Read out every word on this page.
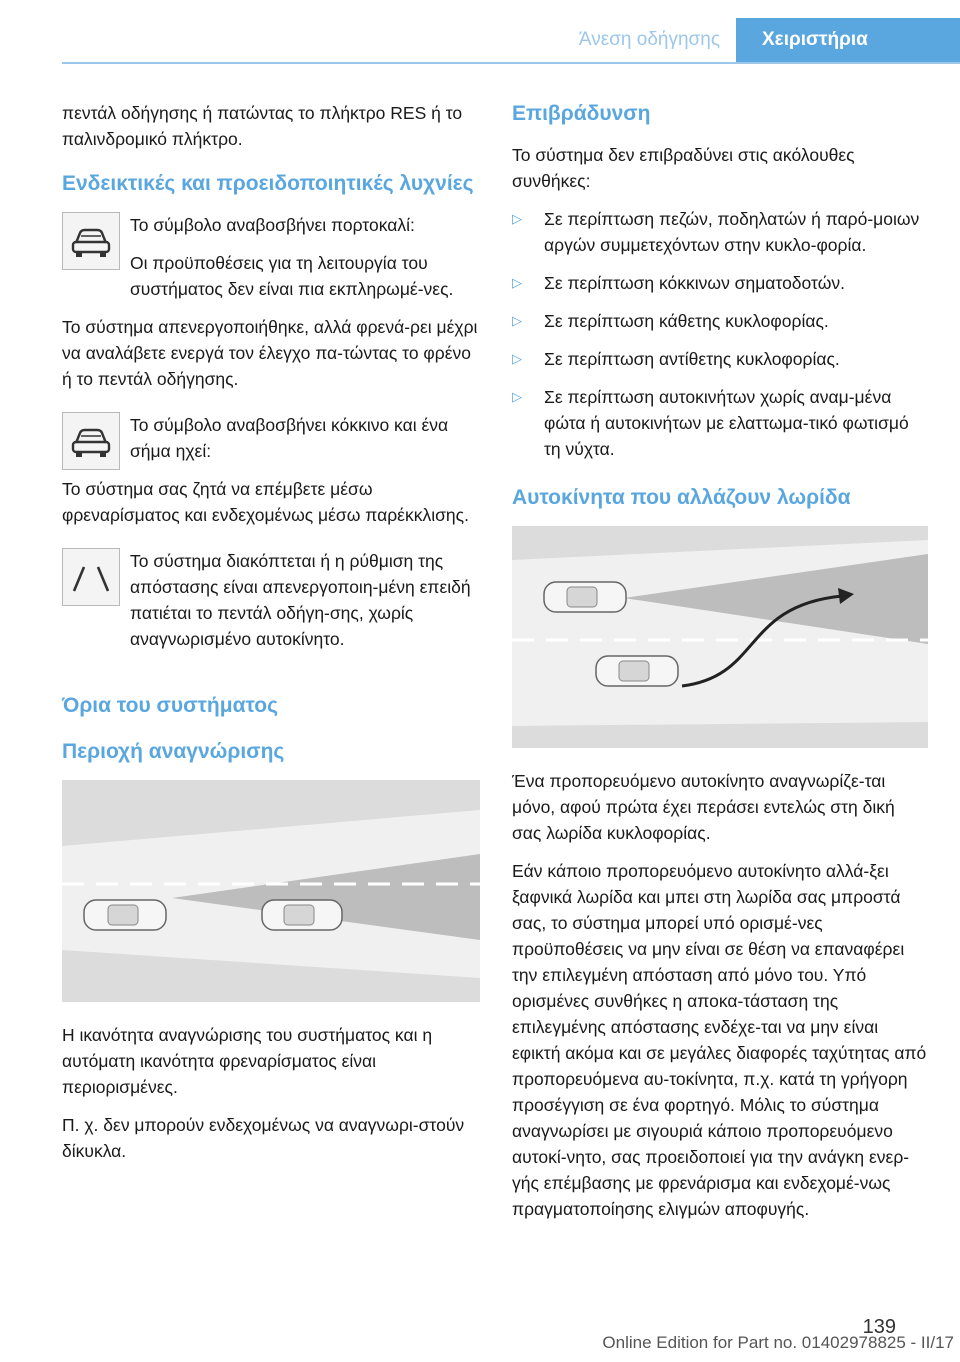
Άνεση οδήγησης	Χειριστήρια

πεντάλ οδήγησης ή πατώντας το πλήκτρο RES ή το παλινδρομικό πλήκτρο.

Ενδεικτικές και προειδοποιητικές λυχνίες

Το σύμβολο αναβοσβήνει πορτοκαλί:

Οι προϋποθέσεις για τη λειτουργία του συστήματος δεν είναι πια εκπληρωμέ-νες.

Το σύστημα απενεργοποιήθηκε, αλλά φρενά-ρει μέχρι να αναλάβετε ενεργά τον έλεγχο πα-τώντας το φρένο ή το πεντάλ οδήγησης.

Το σύμβολο αναβοσβήνει κόκκινο και ένα σήμα ηχεί:

Το σύστημα σας ζητά να επέμβετε μέσω φρεναρίσματος και ενδεχομένως μέσω παρέκκλισης.

Το σύστημα διακόπτεται ή η ρύθμιση της απόστασης είναι απενεργοποιη-μένη επειδή πατιέται το πεντάλ οδήγη-σης, χωρίς αναγνωρισμένο αυτοκίνητο.

Όρια του συστήματος
Περιοχή αναγνώρισης

Η ικανότητα αναγνώρισης του συστήματος και η αυτόματη ικανότητα φρεναρίσματος είναι περιορισμένες.

Π. χ. δεν μπορούν ενδεχομένως να αναγνωρι-στούν δίκυκλα.

Επιβράδυνση

Το σύστημα δεν επιβραδύνει στις ακόλουθες συνθήκες:

▷ Σε περίπτωση πεζών, ποδηλατών ή παρό-μοιων αργών συμμετεχόντων στην κυκλο-φορία.
▷ Σε περίπτωση κόκκινων σηματοδοτών.
▷ Σε περίπτωση κάθετης κυκλοφορίας.
▷ Σε περίπτωση αντίθετης κυκλοφορίας.
▷ Σε περίπτωση αυτοκινήτων χωρίς αναμ-μένα φώτα ή αυτοκινήτων με ελαττωμα-τικό φωτισμό τη νύχτα.
Αυτοκίνητα που αλλάζουν λωρίδα

Ένα προπορευόμενο αυτοκίνητο αναγνωρίζε-ται μόνο, αφού πρώτα έχει περάσει εντελώς στη δική σας λωρίδα κυκλοφορίας.

Εάν κάποιο προπορευόμενο αυτοκίνητο αλλά-ξει ξαφνικά λωρίδα και μπει στη λωρίδα σας μπροστά σας, το σύστημα μπορεί υπό ορισμέ-νες προϋποθέσεις να μην είναι σε θέση να επαναφέρει την επιλεγμένη απόσταση από μόνο του. Υπό ορισμένες συνθήκες η αποκα-τάσταση της επιλεγμένης απόστασης ενδέχε-ται να μην είναι εφικτή ακόμα και σε μεγάλες διαφορές ταχύτητας από προπορευόμενα αυ-τοκίνητα, π.χ. κατά τη γρήγορη προσέγγιση σε ένα φορτηγό. Μόλις το σύστημα αναγνωρίσει με σιγουριά κάποιο προπορευόμενο αυτοκί-νητο, σας προειδοποιεί για την ανάγκη ενερ-γής επέμβασης με φρενάρισμα και ενδεχομέ-νως πραγματοποίησης ελιγμών αποφυγής.

139
Online Edition for Part no. 01402978825 - II/17
